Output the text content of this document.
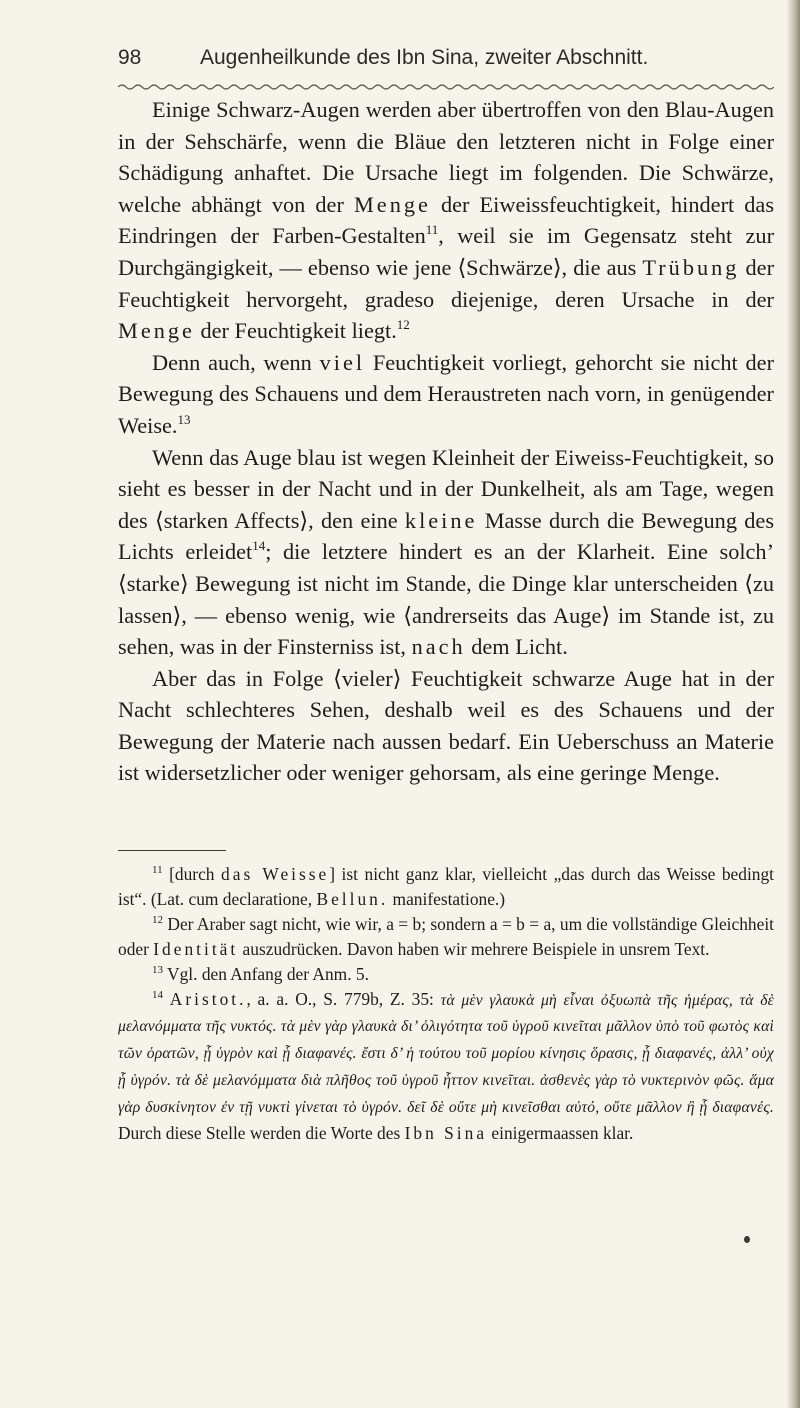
98	Augenheilkunde des Ibn Sina, zweiter Abschnitt.

Einige Schwarz-Augen werden aber übertroffen von den Blau-Augen in der Sehschärfe, wenn die Bläue den letzteren nicht in Folge einer Schädigung anhaftet. Die Ursache liegt im folgenden. Die Schwärze, welche abhängt von der Menge der Eiweissfeuchtigkeit, hindert das Eindringen der Farben-Gestalten$^{11}$, weil sie im Gegensatz steht zur Durchgängigkeit, — ebenso wie jene ⟨Schwärze⟩, die aus Trübung der Feuchtigkeit hervorgeht, gradeso diejenige, deren Ursache in der Menge der Feuchtigkeit liegt.$^{12}$

Denn auch, wenn viel Feuchtigkeit vorliegt, gehorcht sie nicht der Bewegung des Schauens und dem Heraustreten nach vorn, in genügender Weise.$^{13}$

Wenn das Auge blau ist wegen Kleinheit der Eiweiss-Feuchtigkeit, so sieht es besser in der Nacht und in der Dunkelheit, als am Tage, wegen des ⟨starken Affects⟩, den eine kleine Masse durch die Bewegung des Lichts erleidet$^{14}$; die letztere hindert es an der Klarheit. Eine solch’ ⟨starke⟩ Bewegung ist nicht im Stande, die Dinge klar unterscheiden ⟨zu lassen⟩, — ebenso wenig, wie ⟨andrerseits das Auge⟩ im Stande ist, zu sehen, was in der Finsterniss ist, nach dem Licht.

Aber das in Folge ⟨vieler⟩ Feuchtigkeit schwarze Auge hat in der Nacht schlechteres Sehen, deshalb weil es des Schauens und der Bewegung der Materie nach aussen bedarf. Ein Ueberschuss an Materie ist widersetzlicher oder weniger gehorsam, als eine geringe Menge.

$^{11}$ [durch das Weisse] ist nicht ganz klar, vielleicht „das durch das Weisse bedingt ist“. (Lat. cum declaratione, Bellun. manifestatione.)

$^{12}$ Der Araber sagt nicht, wie wir, a = b; sondern a = b = a, um die vollständige Gleichheit oder Identität auszudrücken. Davon haben wir mehrere Beispiele in unsrem Text.

$^{13}$ Vgl. den Anfang der Anm. 5.

$^{14}$ Aristot., a. a. O., S. 779b, Z. 35: τὰ μὲν γλαυκὰ μὴ εἶναι ὀξυωπὰ τῆς ἡμέρας, τὰ δὲ μελανόμματα τῆς νυκτός. τὰ μὲν γὰρ γλαυκὰ δι’ ὀλιγότητα τοῦ ὑγροῦ κινεῖται μᾶλλον ὑπὸ τοῦ φωτὸς καὶ τῶν ὁρατῶν, ᾗ ὑγρὸν καὶ ᾗ διαφανές. ἔστι δ’ ἡ τούτου τοῦ μορίου κίνησις ὅρασις, ᾗ διαφανές, ἀλλ’ οὐχ ᾗ ὑγρόν. τὰ δὲ μελανόμματα διὰ πλῆθος τοῦ ὑγροῦ ἧττον κινεῖται. ἀσθενὲς γὰρ τὸ νυκτερινὸν φῶς. ἅμα γὰρ δυσκίνητον ἐν τῇ νυκτὶ γίνεται τὸ ὑγρόν. δεῖ δὲ οὔτε μὴ κινεῖσθαι αὐτό, οὔτε μᾶλλον ἢ ᾗ διαφανές. Durch diese Stelle werden die Worte des Ibn Sina einigermaassen klar.
